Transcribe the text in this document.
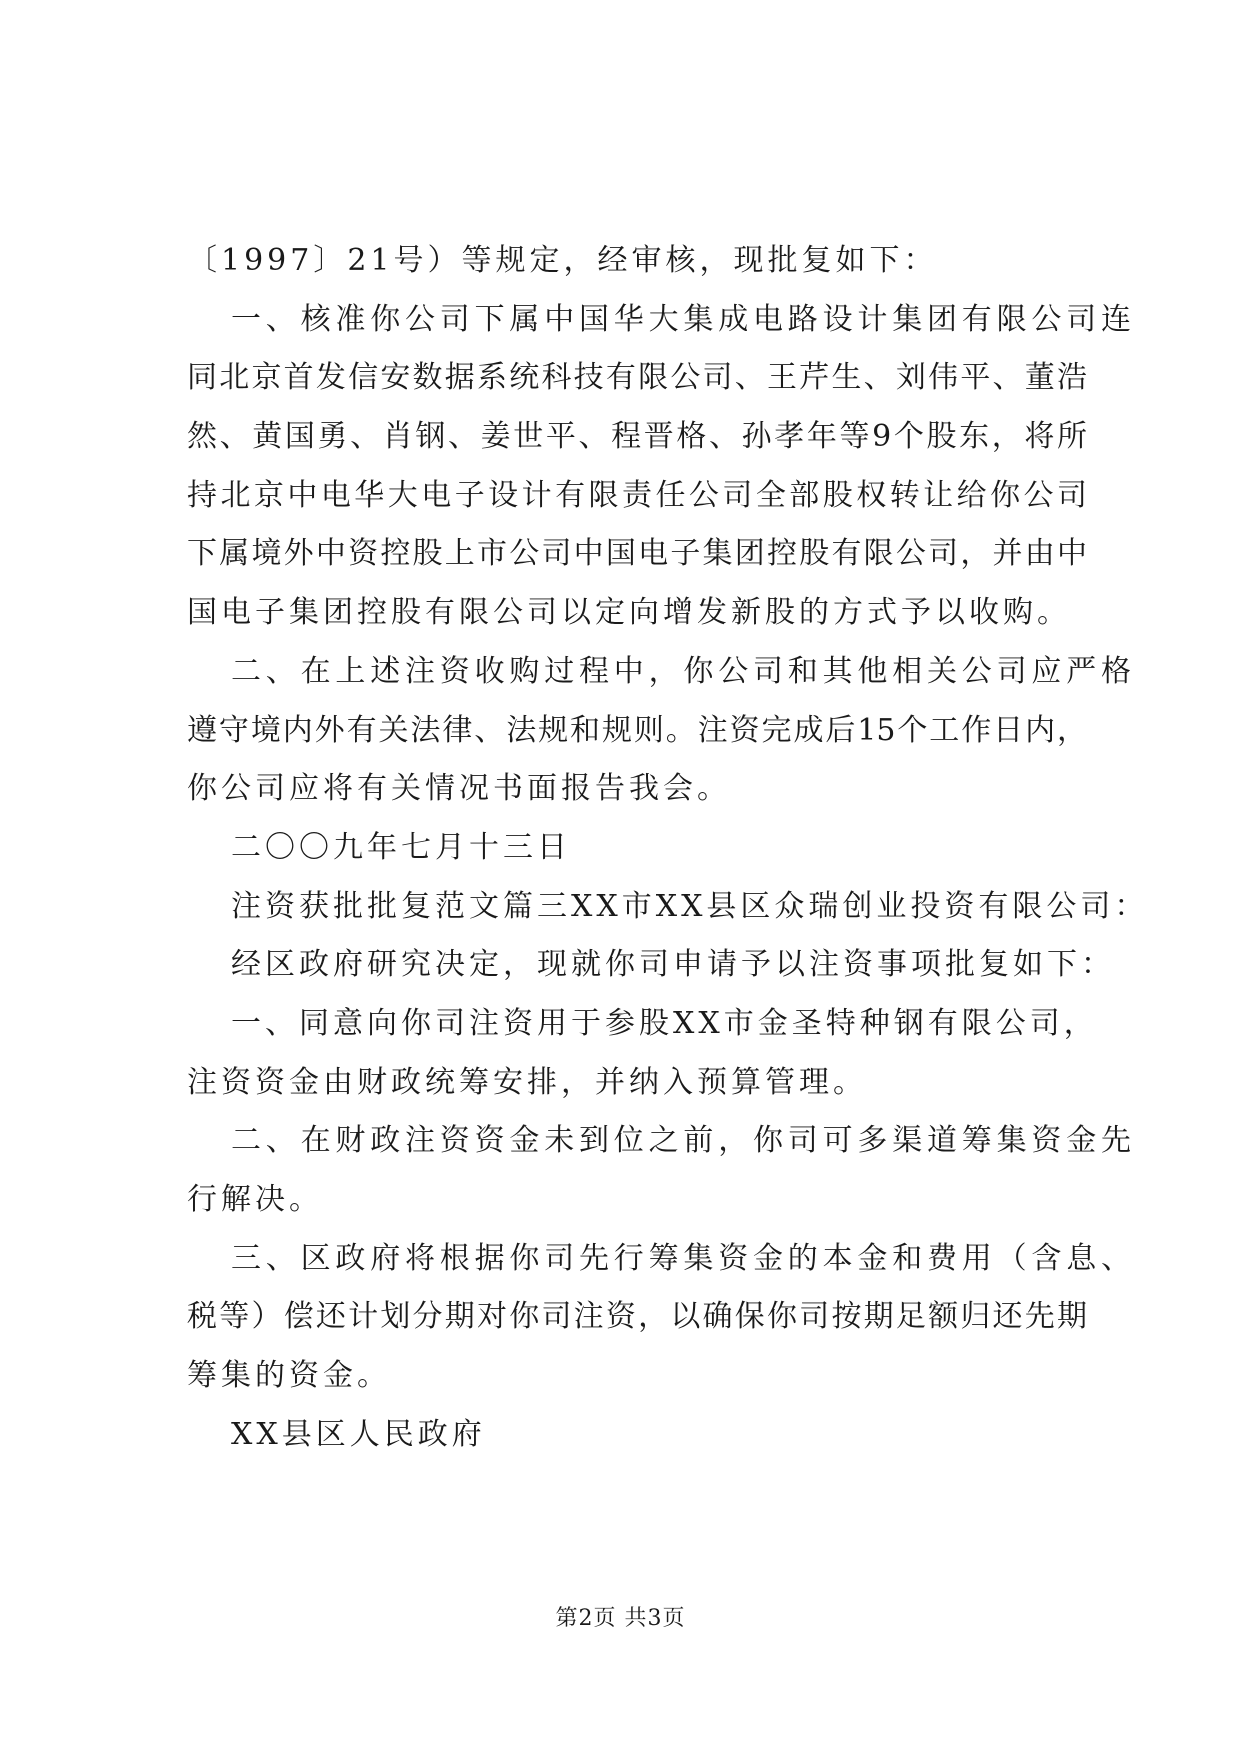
〔1997〕21号）等规定，经审核，现批复如下：
一、核准你公司下属中国华大集成电路设计集团有限公司连
同北京首发信安数据系统科技有限公司、王芹生、刘伟平、董浩
然、黄国勇、肖钢、姜世平、程晋格、孙孝年等9个股东，将所
持北京中电华大电子设计有限责任公司全部股权转让给你公司
下属境外中资控股上市公司中国电子集团控股有限公司，并由中
国电子集团控股有限公司以定向增发新股的方式予以收购。
二、在上述注资收购过程中，你公司和其他相关公司应严格
遵守境内外有关法律、法规和规则。注资完成后15个工作日内，
你公司应将有关情况书面报告我会。
二〇〇九年七月十三日
注资获批批复范文篇三XX市XX县区众瑞创业投资有限公司：
经区政府研究决定，现就你司申请予以注资事项批复如下：
一、同意向你司注资用于参股XX市金圣特种钢有限公司，
注资资金由财政统筹安排，并纳入预算管理。
二、在财政注资资金未到位之前，你司可多渠道筹集资金先
行解决。
三、区政府将根据你司先行筹集资金的本金和费用（含息、
税等）偿还计划分期对你司注资，以确保你司按期足额归还先期
筹集的资金。
XX县区人民政府
第2页 共3页
